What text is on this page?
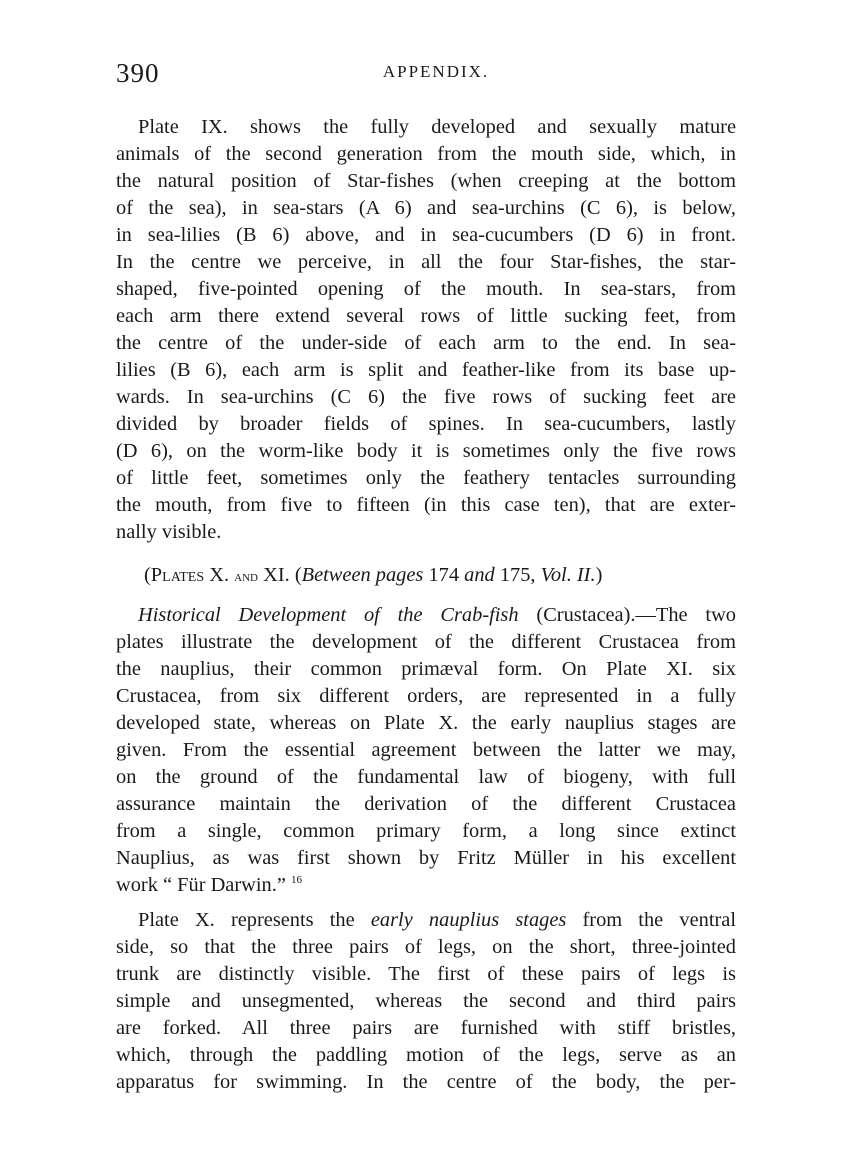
390	APPENDIX.

Plate IX. shows the fully developed and sexually mature
animals of the second generation from the mouth side, which, in
the natural position of Star-fishes (when creeping at the bottom
of the sea), in sea-stars (A 6) and sea-urchins (C 6), is below,
in sea-lilies (B 6) above, and in sea-cucumbers (D 6) in front.
In the centre we perceive, in all the four Star-fishes, the star-
shaped, five-pointed opening of the mouth. In sea-stars, from
each arm there extend several rows of little sucking feet, from
the centre of the under-side of each arm to the end. In sea-
lilies (B 6), each arm is split and feather-like from its base up-
wards. In sea-urchins (C 6) the five rows of sucking feet are
divided by broader fields of spines. In sea-cucumbers, lastly
(D 6), on the worm-like body it is sometimes only the five rows
of little feet, sometimes only the feathery tentacles surrounding
the mouth, from five to fifteen (in this case ten), that are exter-
nally visible.

(Plates X. and XI. (Between pages 174 and 175, Vol. II.)

Historical Development of the Crab-fish (Crustacea).—The two
plates illustrate the development of the different Crustacea from
the nauplius, their common primæval form. On Plate XI. six
Crustacea, from six different orders, are represented in a fully
developed state, whereas on Plate X. the early nauplius stages are
given. From the essential agreement between the latter we may,
on the ground of the fundamental law of biogeny, with full
assurance maintain the derivation of the different Crustacea
from a single, common primary form, a long since extinct
Nauplius, as was first shown by Fritz Müller in his excellent
work “ Für Darwin.” $^{16}$

Plate X. represents the early nauplius stages from the ventral
side, so that the three pairs of legs, on the short, three-jointed
trunk are distinctly visible. The first of these pairs of legs is
simple and unsegmented, whereas the second and third pairs
are forked. All three pairs are furnished with stiff bristles,
which, through the paddling motion of the legs, serve as an
apparatus for swimming. In the centre of the body, the per-
